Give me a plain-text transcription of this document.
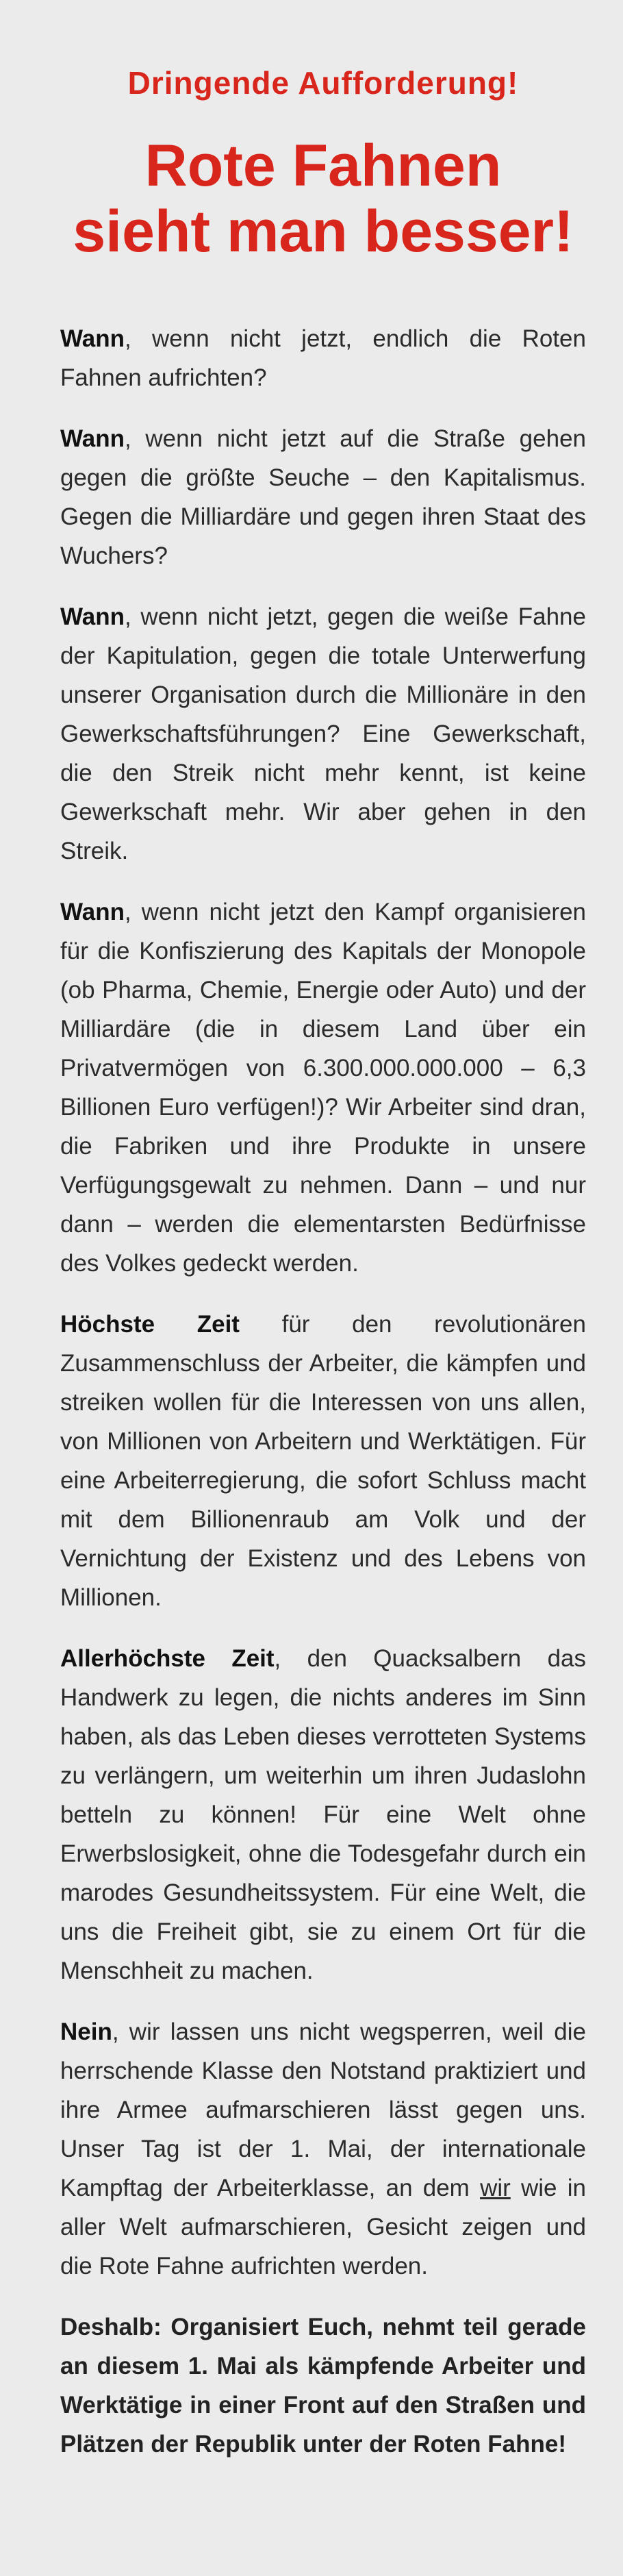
Dringende Aufforderung!
Rote Fahnen
sieht man besser!

Wann, wenn nicht jetzt, endlich die Roten Fahnen aufrichten?

Wann, wenn nicht jetzt auf die Straße gehen gegen die größte Seuche – den Kapitalismus. Gegen die Milliardäre und gegen ihren Staat des Wuchers?

Wann, wenn nicht jetzt, gegen die weiße Fahne der Kapitulation, gegen die totale Unterwerfung unserer Organisation durch die Millionäre in den Gewerkschaftsführungen? Eine Gewerkschaft, die den Streik nicht mehr kennt, ist keine Gewerkschaft mehr. Wir aber gehen in den Streik.

Wann, wenn nicht jetzt den Kampf organisieren für die Konfiszierung des Kapitals der Monopole (ob Pharma, Chemie, Energie oder Auto) und der Milliardäre (die in diesem Land über ein Privatvermögen von 6.300.000.000.000 – 6,3 Billionen Euro verfügen!)? Wir Arbeiter sind dran, die Fabriken und ihre Produkte in unsere Verfügungsgewalt zu nehmen. Dann – und nur dann – werden die elementarsten Bedürfnisse des Volkes gedeckt werden.

Höchste Zeit für den revolutionären Zusammenschluss der Arbeiter, die kämpfen und streiken wollen für die Interessen von uns allen, von Millionen von Arbeitern und Werktätigen. Für eine Arbeiterregierung, die sofort Schluss macht mit dem Billionenraub am Volk und der Vernichtung der Existenz und des Lebens von Millionen.

Allerhöchste Zeit, den Quacksalbern das Handwerk zu legen, die nichts anderes im Sinn haben, als das Leben dieses verrotteten Systems zu verlängern, um weiterhin um ihren Judaslohn betteln zu können! Für eine Welt ohne Erwerbslosigkeit, ohne die Todesgefahr durch ein marodes Gesundheitssystem. Für eine Welt, die uns die Freiheit gibt, sie zu einem Ort für die Menschheit zu machen.

Nein, wir lassen uns nicht wegsperren, weil die herrschende Klasse den Notstand praktiziert und ihre Armee aufmarschieren lässt gegen uns. Unser Tag ist der 1. Mai, der internationale Kampftag der Arbeiterklasse, an dem wir wie in aller Welt aufmarschieren, Gesicht zeigen und die Rote Fahne aufrichten werden.

Deshalb: Organisiert Euch, nehmt teil gerade an diesem 1. Mai als kämpfende Arbeiter und Werktätige in einer Front auf den Straßen und Plätzen der Republik unter der Roten Fahne!
